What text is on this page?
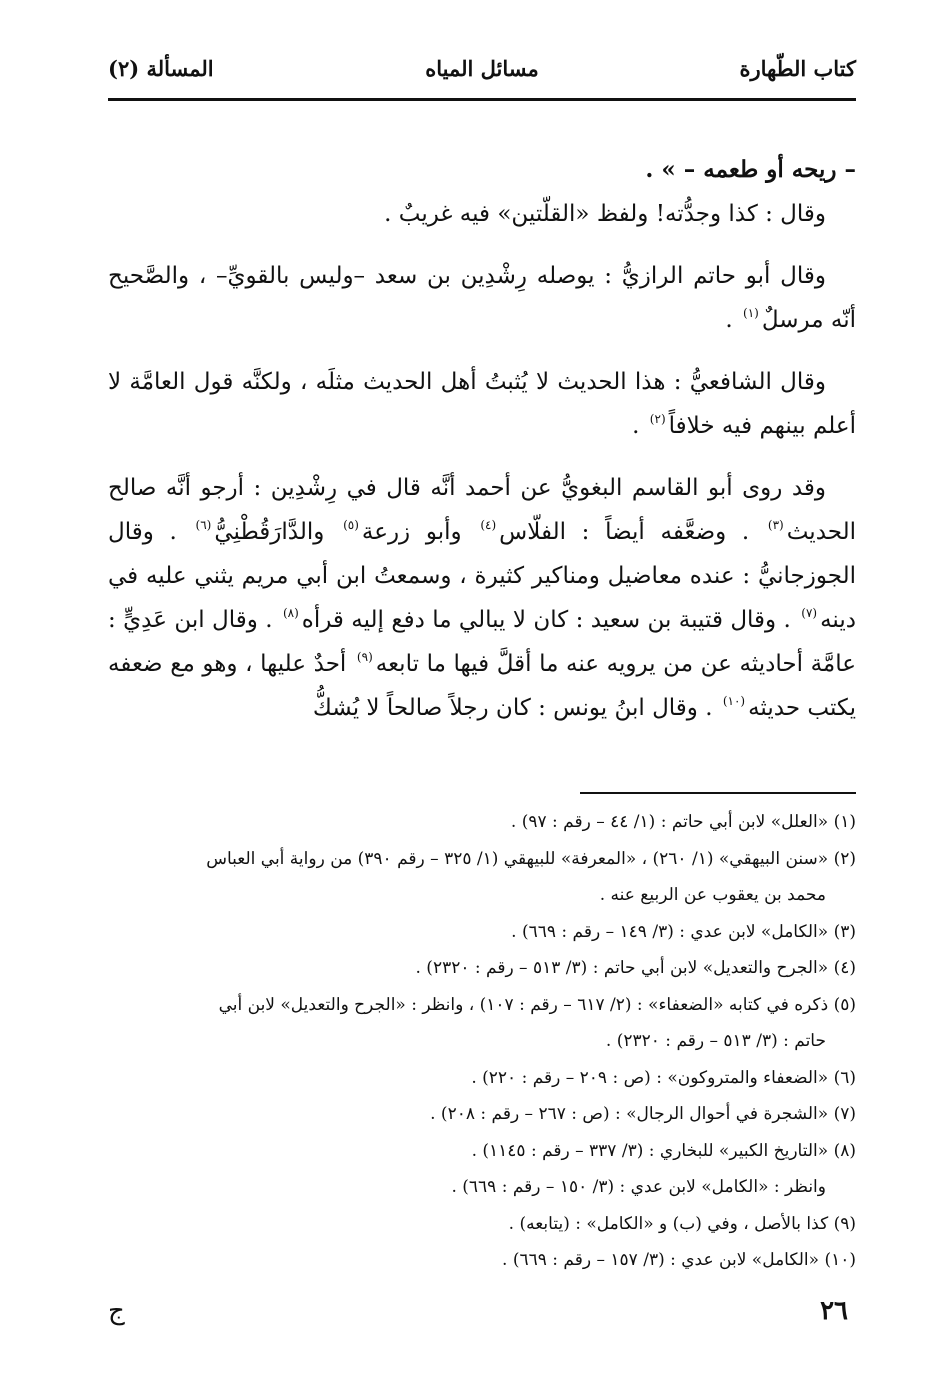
كتاب الطّهارة
مسائل المياه
المسألة (٢)

– ريحه أو طعمه – » .

وقال : كذا وجدُّته! ولفظ «القلّتين» فيه غريبٌ .

وقال أبو حاتم الرازيُّ : يوصله رِشْدِين بن سعد –وليس بالقويِّ– ، والصَّحيح أنّه مرسلٌ$^{(١)}$ .

وقال الشافعيُّ : هذا الحديث لا يُثبتُ أهل الحديث مثلَه ، ولكنَّه قول العامَّة لا أعلم بينهم فيه خلافاً$^{(٢)}$ .

وقد روى أبو القاسم البغويُّ عن أحمد أنَّه قال في رِشْدِين : أرجو أنَّه صالح الحديث$^{(٣)}$ . وضعَّفه أيضاً : الفلّاس$^{(٤)}$ وأبو زرعة$^{(٥)}$ والدَّارَقُطْنِيُّ$^{(٦)}$ . وقال الجوزجانيُّ : عنده معاضيل ومناكير كثيرة ، وسمعتُ ابن أبي مريم يثني عليه في دينه$^{(٧)}$ . وقال قتيبة بن سعيد : كان لا يبالي ما دفع إليه قرأه$^{(٨)}$ . وقال ابن عَدِيٍّ : عامَّة أحاديثه عن من يرويه عنه ما أقلَّ فيها ما تابعه$^{(٩)}$ أحدٌ عليها ، وهو مع ضعفه يكتب حديثه$^{(١٠)}$ . وقال ابنُ يونس : كان رجلاً صالحاً لا يُشكُّ

(١) «العلل» لابن أبي حاتم : (١/ ٤٤ – رقم : ٩٧) .
(٢) «سنن البيهقي» (١/ ٢٦٠) ، «المعرفة» للبيهقي (١/ ٣٢٥ – رقم ٣٩٠) من رواية أبي العباس
محمد بن يعقوب عن الربيع عنه .
(٣) «الكامل» لابن عدي : (٣/ ١٤٩ – رقم : ٦٦٩) .
(٤) «الجرح والتعديل» لابن أبي حاتم : (٣/ ٥١٣ – رقم : ٢٣٢٠) .
(٥) ذكره في كتابه «الضعفاء» : (٢/ ٦١٧ – رقم : ١٠٧) ، وانظر : «الجرح والتعديل» لابن أبي
حاتم : (٣/ ٥١٣ – رقم : ٢٣٢٠) .
(٦) «الضعفاء والمتروكون» : (ص : ٢٠٩ – رقم : ٢٢٠) .
(٧) «الشجرة في أحوال الرجال» : (ص : ٢٦٧ – رقم : ٢٠٨) .
(٨) «التاريخ الكبير» للبخاري : (٣/ ٣٣٧ – رقم : ١١٤٥) .
وانظر : «الكامل» لابن عدي : (٣/ ١٥٠ – رقم : ٦٦٩) .
(٩) كذا بالأصل ، وفي (ب) و «الكامل» : (يتابعه) .
(١٠) «الكامل» لابن عدي : (٣/ ١٥٧ – رقم : ٦٦٩) .
٢٦
ج
